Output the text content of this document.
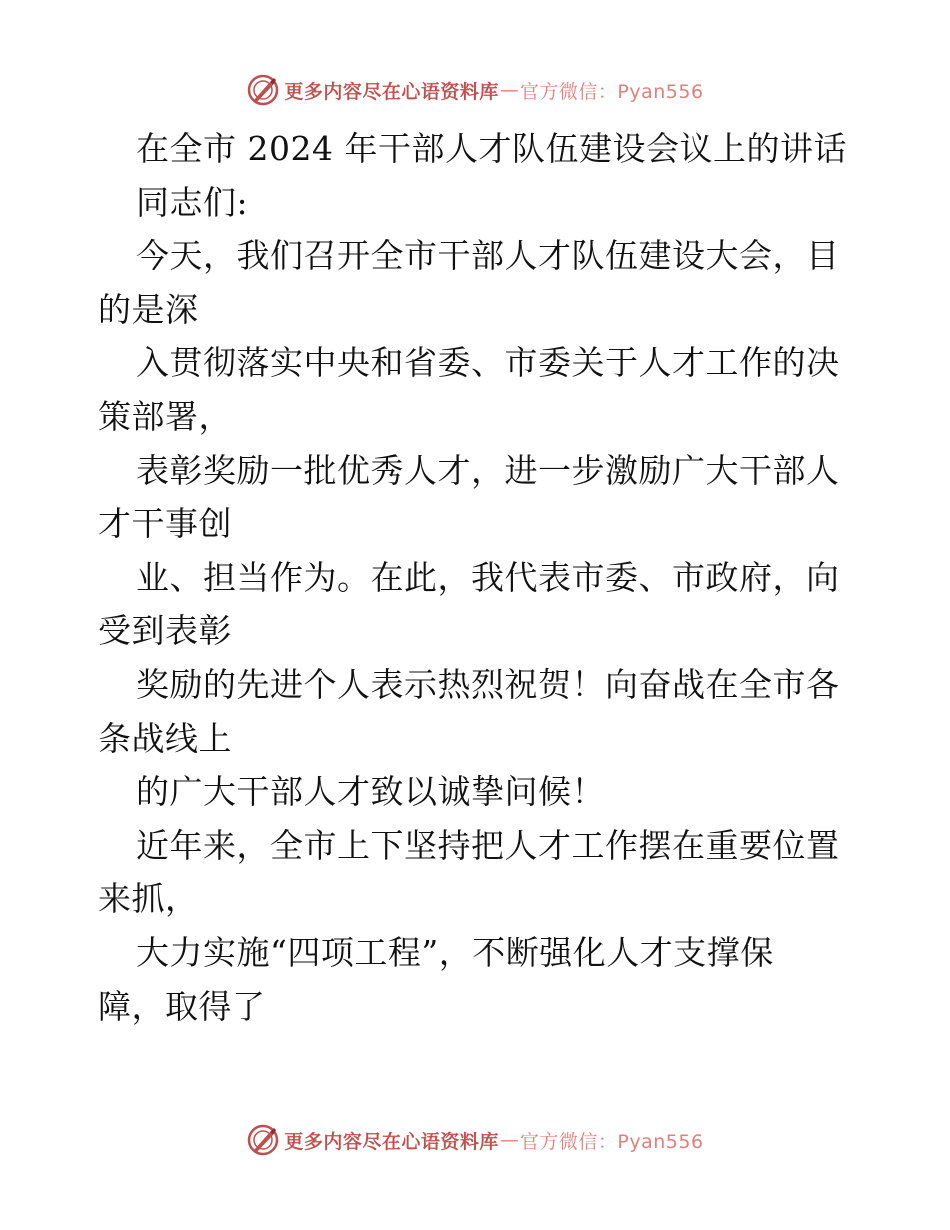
更多内容尽在心语资料库 — 官方微信：Pyan556
在全市 2024 年干部人才队伍建设会议上的讲话
同志们:
今天，我们召开全市干部人才队伍建设大会，目
的是深
入贯彻落实中央和省委、市委关于人才工作的决
策部署，
表彰奖励一批优秀人才，进一步激励广大干部人
才干事创
业、担当作为。在此，我代表市委、市政府，向
受到表彰
奖励的先进个人表示热烈祝贺！向奋战在全市各
条战线上
的广大干部人才致以诚挚问候！
近年来，全市上下坚持把人才工作摆在重要位置
来抓，
大力实施“四项工程”，不断强化人才支撑保
障，取得了
更多内容尽在心语资料库 — 官方微信：Pyan556
